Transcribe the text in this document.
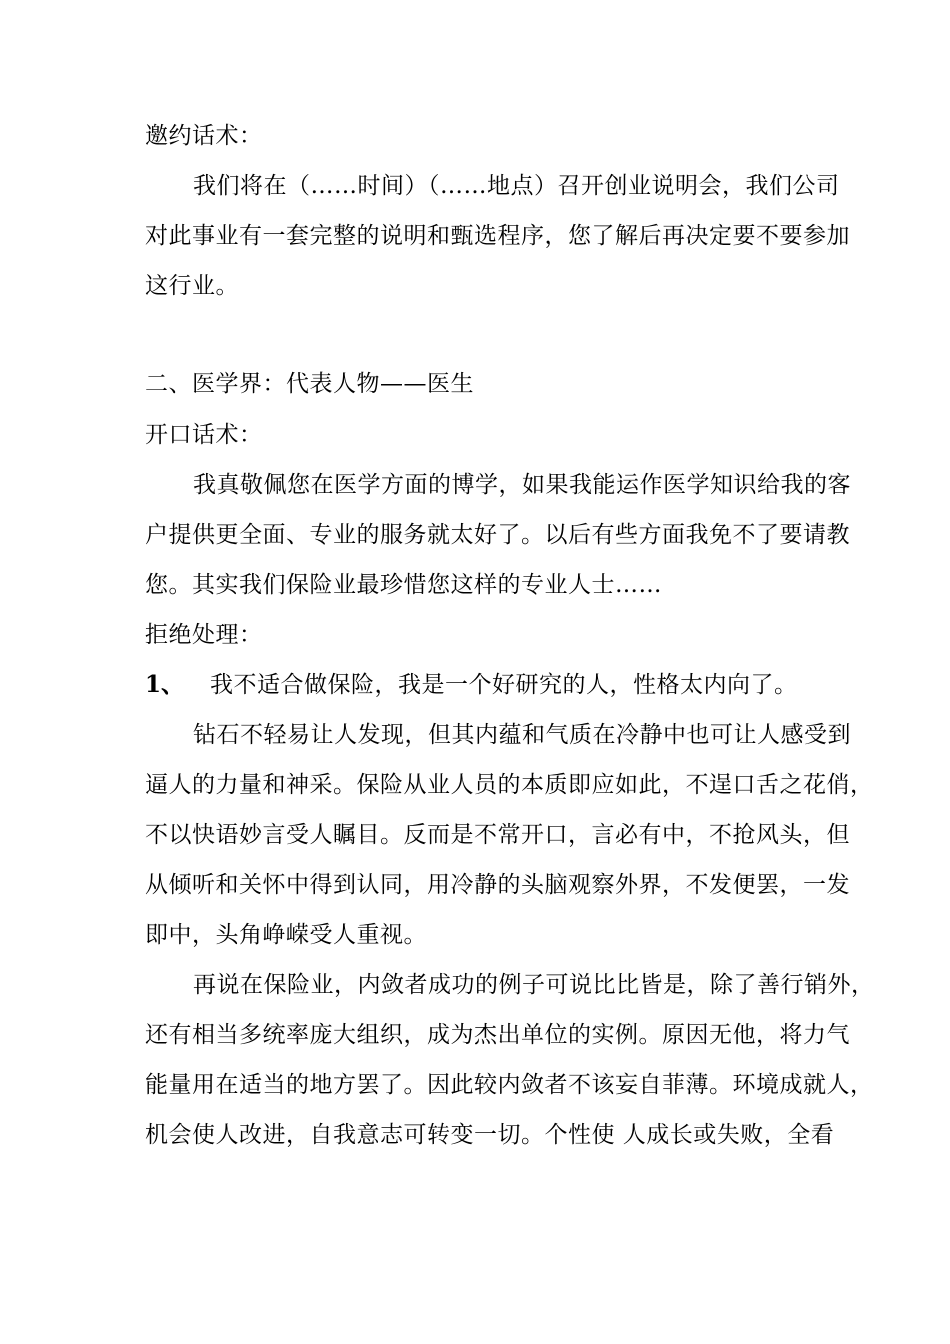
邀约话术：
我们将在（……时间）（……地点）召开创业说明会，我们公司
对此事业有一套完整的说明和甄选程序，您了解后再决定要不要参加
这行业。
二、医学界：代表人物——医生
开口话术：
我真敬佩您在医学方面的博学，如果我能运作医学知识给我的客
户提供更全面、专业的服务就太好了。以后有些方面我免不了要请教
您。其实我们保险业最珍惜您这样的专业人士……
拒绝处理：
1、 我不适合做保险，我是一个好研究的人，性格太内向了。
钻石不轻易让人发现，但其内蕴和气质在冷静中也可让人感受到
逼人的力量和神采。保险从业人员的本质即应如此，不逞口舌之花俏，
不以快语妙言受人瞩目。反而是不常开口，言必有中，不抢风头，但
从倾听和关怀中得到认同，用冷静的头脑观察外界，不发便罢，一发
即中，头角峥嵘受人重视。
再说在保险业，内敛者成功的例子可说比比皆是，除了善行销外，
还有相当多统率庞大组织，成为杰出单位的实例。原因无他，将力气
能量用在适当的地方罢了。因此较内敛者不该妄自菲薄。环境成就人，
机会使人改进，自我意志可转变一切。个性使 人成长或失败，全看
